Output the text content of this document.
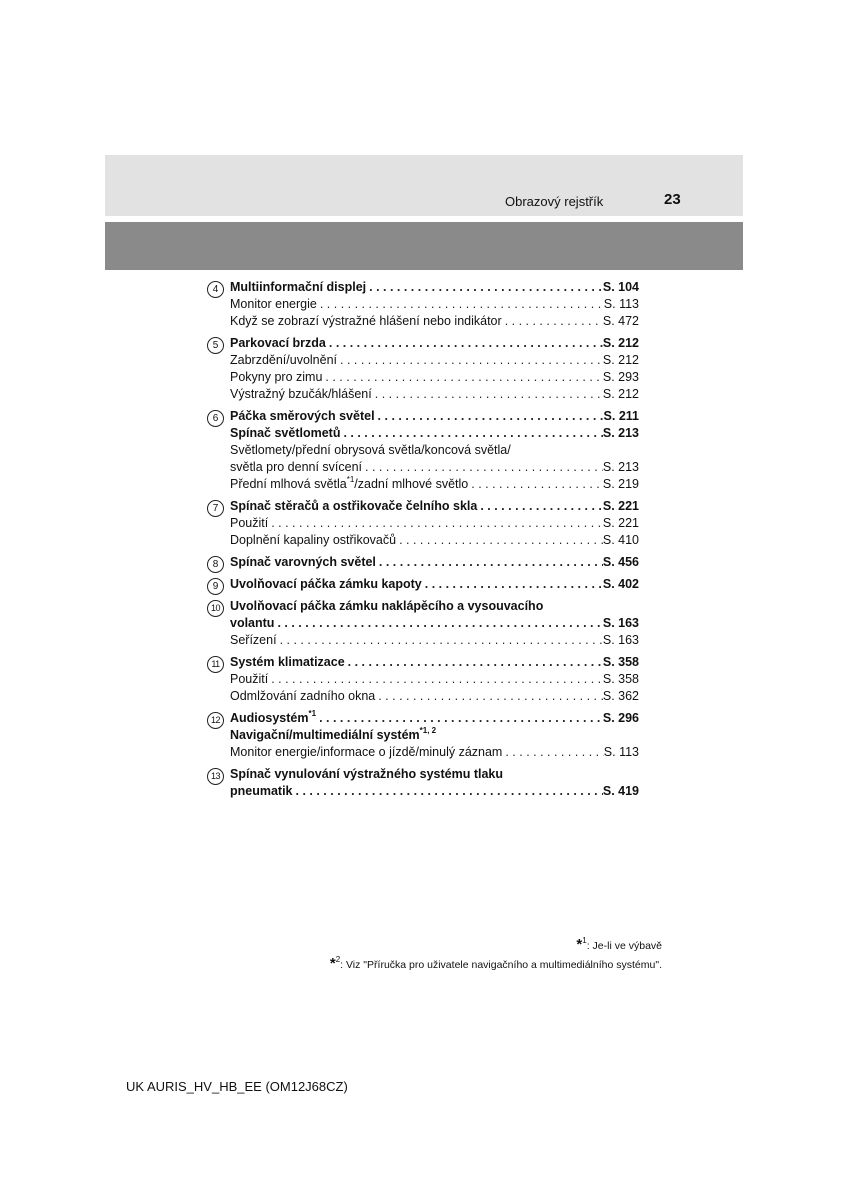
Obrazový rejstřík	23
4 Multiinformační displej . . .	S. 104
Monitor energie . . .	S. 113
Když se zobrazí výstražné hlášení nebo indikátor . . .	S. 472
5 Parkovací brzda . . .	S. 212
Zabrzdění/uvolnění . . .	S. 212
Pokyny pro zimu . . .	S. 293
Výstražný bzučák/hlášení . . .	S. 212
6 Páčka směrových světel . . .	S. 211
Spínač světlometů . . .	S. 213
Světlomety/přední obrysová světla/koncová světla/
světla pro denní svícení . . .	S. 213
Přední mlhová světla$^{*1}$/zadní mlhové světlo . . .	S. 219
7 Spínač stěračů a ostřikovače čelního skla . . .	S. 221
Použití . . .	S. 221
Doplnění kapaliny ostřikovačů . . .	S. 410
8 Spínač varovných světel . . .	S. 456
9 Uvolňovací páčka zámku kapoty . . .	S. 402
10 Uvolňovací páčka zámku naklápěcího a vysouvacího
volantu . . .	S. 163
Seřízení . . .	S. 163
11 Systém klimatizace . . .	S. 358
Použití . . .	S. 358
Odmlžování zadního okna . . .	S. 362
12 Audiosystém$^{*1}$ . . .	S. 296
Navigační/multimediální systém$^{*1, 2}$
Monitor energie/informace o jízdě/minulý záznam . . .	S. 113
13 Spínač vynulování výstražného systému tlaku
pneumatik . . .	S. 419
*$^1$: Je-li ve výbavě
*$^2$: Viz "Příručka pro uživatele navigačního a multimediálního systému".
UK AURIS_HV_HB_EE (OM12J68CZ)
